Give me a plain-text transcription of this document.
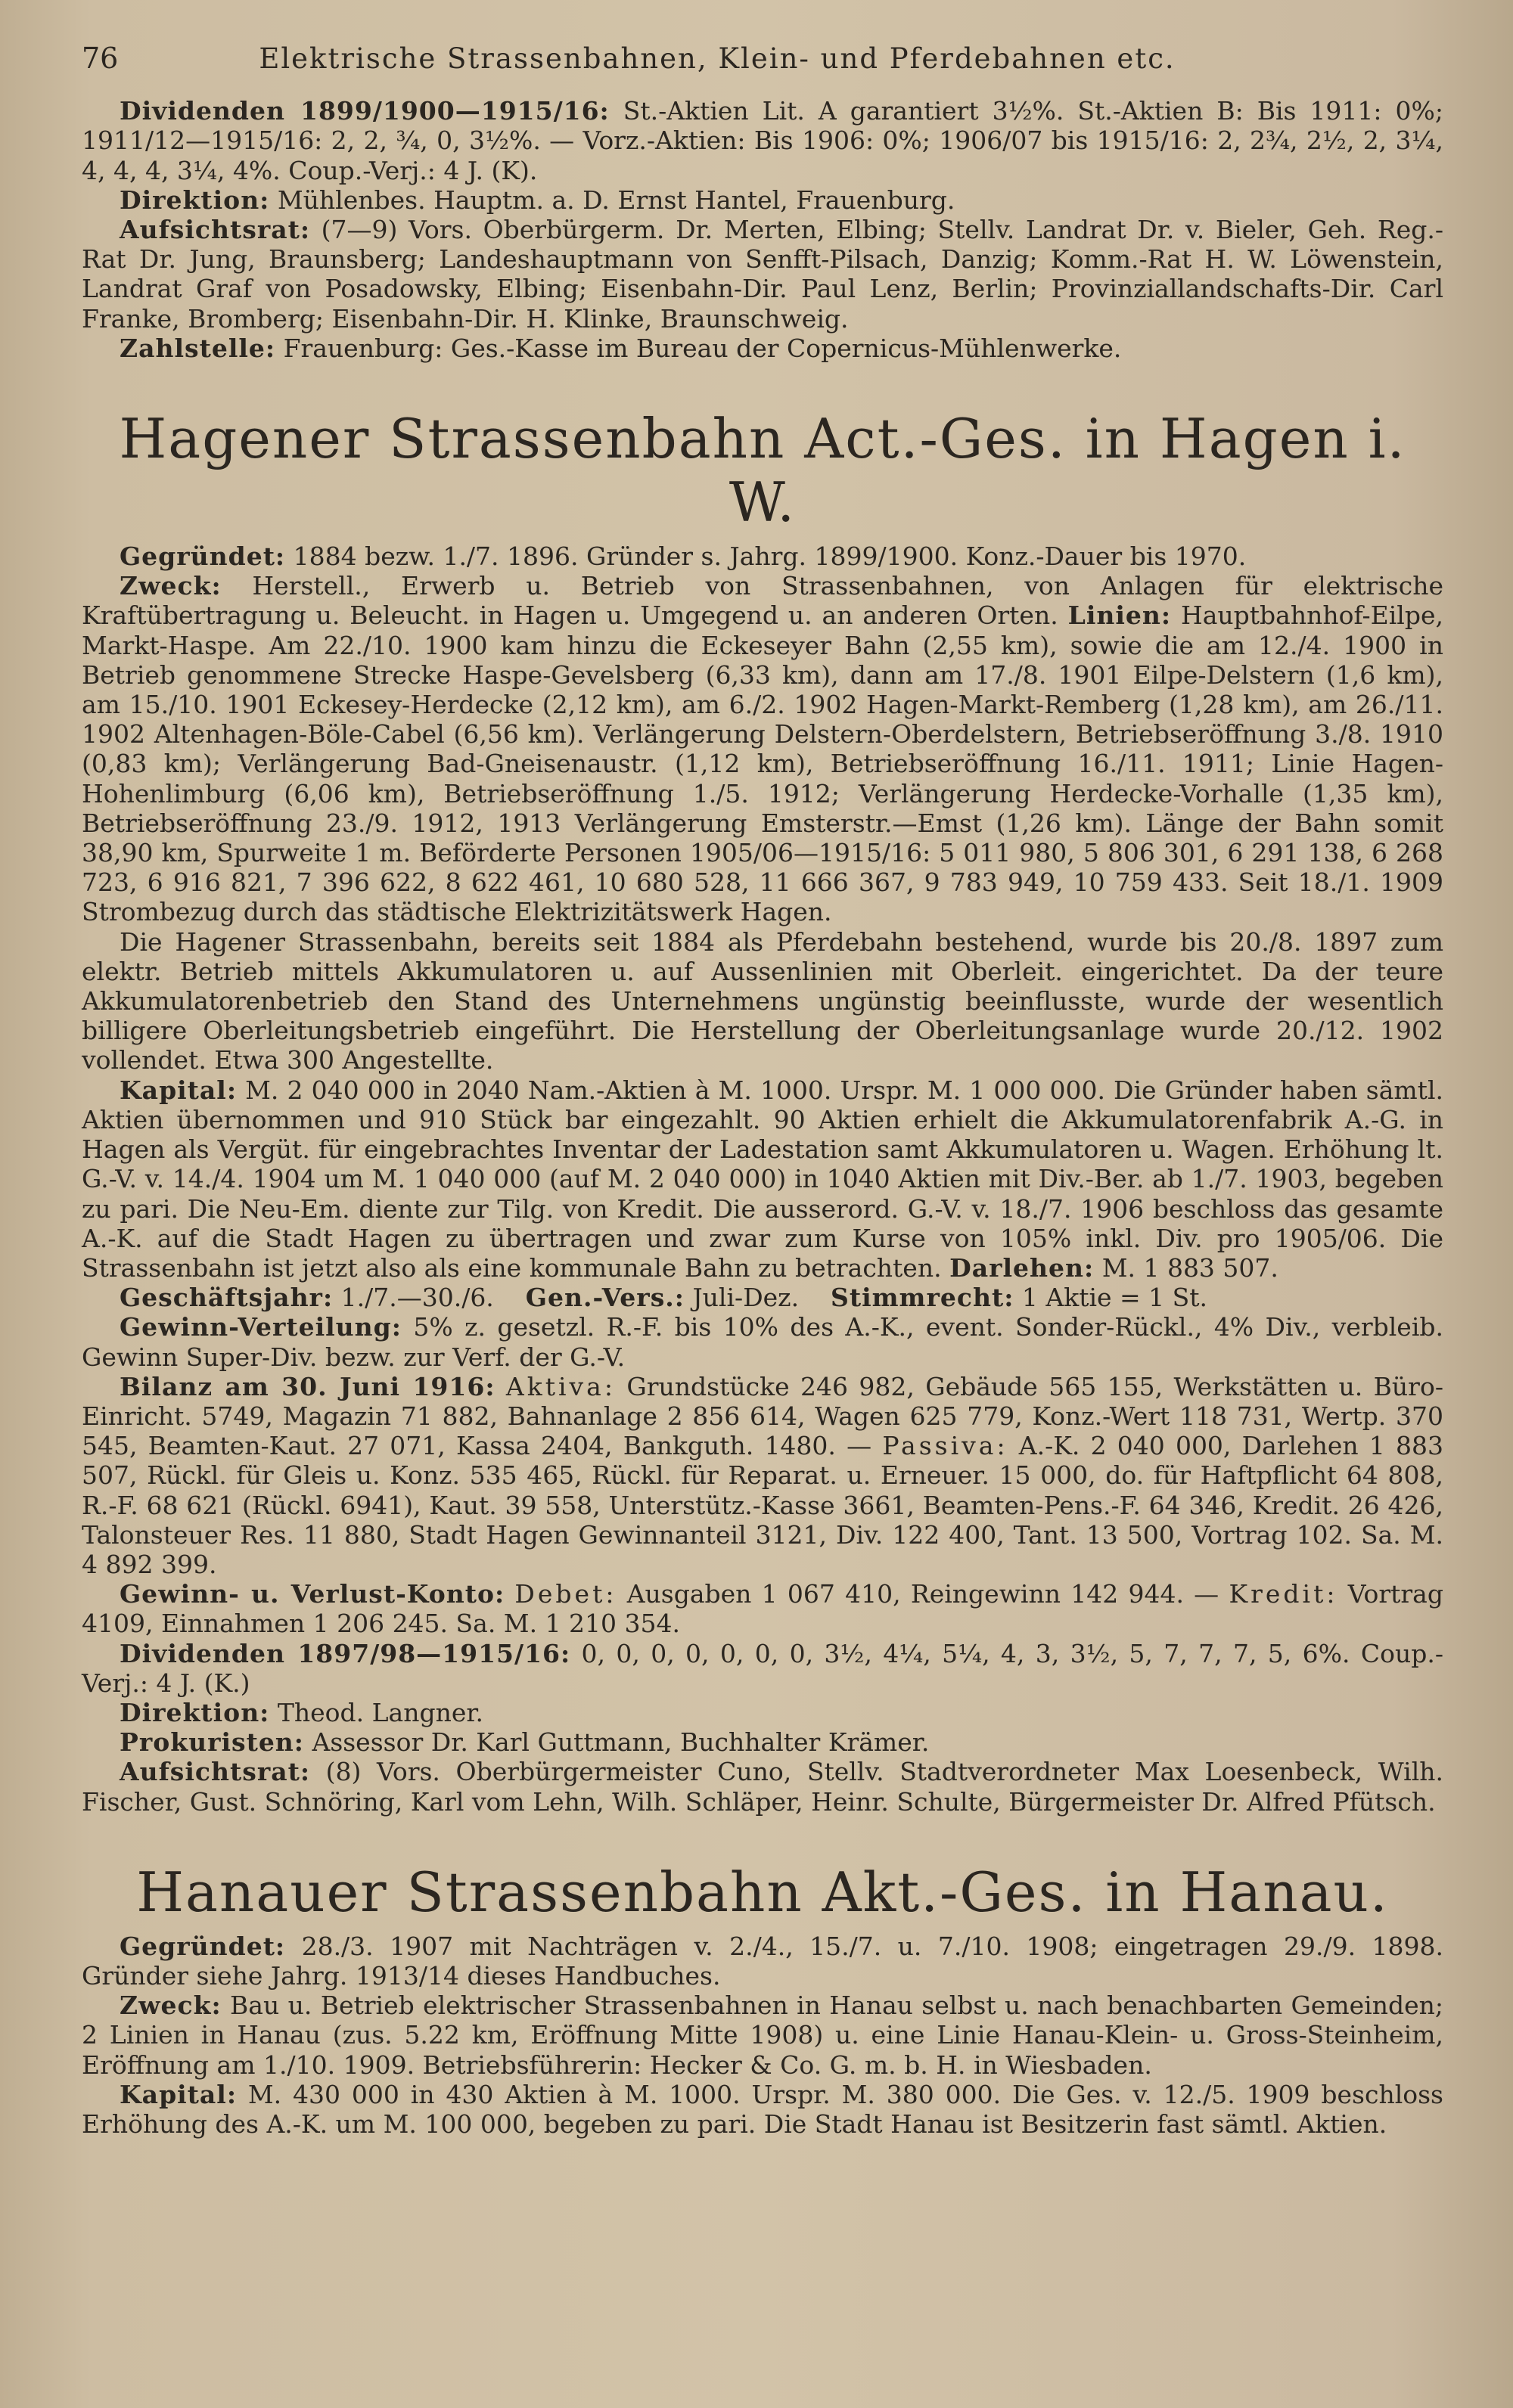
76	Elektrische Strassenbahnen, Klein- und Pferdebahnen etc.

Dividenden 1899/1900—1915/16: St.-Aktien Lit. A garantiert 3½%. St.-Aktien B: Bis 1911: 0%; 1911/12—1915/16: 2, 2, ¾, 0, 3½%. — Vorz.-Aktien: Bis 1906: 0%; 1906/07 bis 1915/16: 2, 2¾, 2½, 2, 3¼, 4, 4, 4, 3¼, 4%. Coup.-Verj.: 4 J. (K).

Direktion: Mühlenbes. Hauptm. a. D. Ernst Hantel, Frauenburg.

Aufsichtsrat: (7—9) Vors. Oberbürgerm. Dr. Merten, Elbing; Stellv. Landrat Dr. v. Bieler, Geh. Reg.-Rat Dr. Jung, Braunsberg; Landeshauptmann von Senfft-Pilsach, Danzig; Komm.-Rat H. W. Löwenstein, Landrat Graf von Posadowsky, Elbing; Eisenbahn-Dir. Paul Lenz, Berlin; Provinziallandschafts-Dir. Carl Franke, Bromberg; Eisenbahn-Dir. H. Klinke, Braunschweig.

Zahlstelle: Frauenburg: Ges.-Kasse im Bureau der Copernicus-Mühlenwerke.

Hagener Strassenbahn Act.-Ges. in Hagen i. W.

Gegründet: 1884 bezw. 1./7. 1896. Gründer s. Jahrg. 1899/1900. Konz.-Dauer bis 1970.

Zweck: Herstell., Erwerb u. Betrieb von Strassenbahnen, von Anlagen für elektrische Kraftübertragung u. Beleucht. in Hagen u. Umgegend u. an anderen Orten. Linien: Hauptbahnhof-Eilpe, Markt-Haspe. Am 22./10. 1900 kam hinzu die Eckeseyer Bahn (2,55 km), sowie die am 12./4. 1900 in Betrieb genommene Strecke Haspe-Gevelsberg (6,33 km), dann am 17./8. 1901 Eilpe-Delstern (1,6 km), am 15./10. 1901 Eckesey-Herdecke (2,12 km), am 6./2. 1902 Hagen-Markt-Remberg (1,28 km), am 26./11. 1902 Altenhagen-Böle-Cabel (6,56 km). Verlängerung Delstern-Oberdelstern, Betriebseröffnung 3./8. 1910 (0,83 km); Verlängerung Bad-Gneisenaustr. (1,12 km), Betriebseröffnung 16./11. 1911; Linie Hagen-Hohenlimburg (6,06 km), Betriebseröffnung 1./5. 1912; Verlängerung Herdecke-Vorhalle (1,35 km), Betriebseröffnung 23./9. 1912, 1913 Verlängerung Emsterstr.—Emst (1,26 km). Länge der Bahn somit 38,90 km, Spurweite 1 m. Beförderte Personen 1905/06—1915/16: 5 011 980, 5 806 301, 6 291 138, 6 268 723, 6 916 821, 7 396 622, 8 622 461, 10 680 528, 11 666 367, 9 783 949, 10 759 433. Seit 18./1. 1909 Strombezug durch das städtische Elektrizitätswerk Hagen.

Die Hagener Strassenbahn, bereits seit 1884 als Pferdebahn bestehend, wurde bis 20./8. 1897 zum elektr. Betrieb mittels Akkumulatoren u. auf Aussenlinien mit Oberleit. eingerichtet. Da der teure Akkumulatorenbetrieb den Stand des Unternehmens ungünstig beeinflusste, wurde der wesentlich billigere Oberleitungsbetrieb eingeführt. Die Herstellung der Oberleitungsanlage wurde 20./12. 1902 vollendet. Etwa 300 Angestellte.

Kapital: M. 2 040 000 in 2040 Nam.-Aktien à M. 1000. Urspr. M. 1 000 000. Die Gründer haben sämtl. Aktien übernommen und 910 Stück bar eingezahlt. 90 Aktien erhielt die Akkumulatorenfabrik A.-G. in Hagen als Vergüt. für eingebrachtes Inventar der Ladestation samt Akkumulatoren u. Wagen. Erhöhung lt. G.-V. v. 14./4. 1904 um M. 1 040 000 (auf M. 2 040 000) in 1040 Aktien mit Div.-Ber. ab 1./7. 1903, begeben zu pari. Die Neu-Em. diente zur Tilg. von Kredit. Die ausserord. G.-V. v. 18./7. 1906 beschloss das gesamte A.-K. auf die Stadt Hagen zu übertragen und zwar zum Kurse von 105% inkl. Div. pro 1905/06. Die Strassenbahn ist jetzt also als eine kommunale Bahn zu betrachten. Darlehen: M. 1 883 507.

Geschäftsjahr: 1./7.—30./6. Gen.-Vers.: Juli-Dez. Stimmrecht: 1 Aktie = 1 St.

Gewinn-Verteilung: 5% z. gesetzl. R.-F. bis 10% des A.-K., event. Sonder-Rückl., 4% Div., verbleib. Gewinn Super-Div. bezw. zur Verf. der G.-V.

Bilanz am 30. Juni 1916: Aktiva: Grundstücke 246 982, Gebäude 565 155, Werkstätten u. Büro-Einricht. 5749, Magazin 71 882, Bahnanlage 2 856 614, Wagen 625 779, Konz.-Wert 118 731, Wertp. 370 545, Beamten-Kaut. 27 071, Kassa 2404, Bankguth. 1480. — Passiva: A.-K. 2 040 000, Darlehen 1 883 507, Rückl. für Gleis u. Konz. 535 465, Rückl. für Reparat. u. Erneuer. 15 000, do. für Haftpflicht 64 808, R.-F. 68 621 (Rückl. 6941), Kaut. 39 558, Unterstütz.-Kasse 3661, Beamten-Pens.-F. 64 346, Kredit. 26 426, Talonsteuer Res. 11 880, Stadt Hagen Gewinnanteil 3121, Div. 122 400, Tant. 13 500, Vortrag 102. Sa. M. 4 892 399.

Gewinn- u. Verlust-Konto: Debet: Ausgaben 1 067 410, Reingewinn 142 944. — Kredit: Vortrag 4109, Einnahmen 1 206 245. Sa. M. 1 210 354.

Dividenden 1897/98—1915/16: 0, 0, 0, 0, 0, 0, 0, 3½, 4¼, 5¼, 4, 3, 3½, 5, 7, 7, 7, 5, 6%. Coup.-Verj.: 4 J. (K.)

Direktion: Theod. Langner.

Prokuristen: Assessor Dr. Karl Guttmann, Buchhalter Krämer.

Aufsichtsrat: (8) Vors. Oberbürgermeister Cuno, Stellv. Stadtverordneter Max Loesenbeck, Wilh. Fischer, Gust. Schnöring, Karl vom Lehn, Wilh. Schläper, Heinr. Schulte, Bürgermeister Dr. Alfred Pfütsch.

Hanauer Strassenbahn Akt.-Ges. in Hanau.

Gegründet: 28./3. 1907 mit Nachträgen v. 2./4., 15./7. u. 7./10. 1908; eingetragen 29./9. 1898. Gründer siehe Jahrg. 1913/14 dieses Handbuches.

Zweck: Bau u. Betrieb elektrischer Strassenbahnen in Hanau selbst u. nach benachbarten Gemeinden; 2 Linien in Hanau (zus. 5.22 km, Eröffnung Mitte 1908) u. eine Linie Hanau-Klein- u. Gross-Steinheim, Eröffnung am 1./10. 1909. Betriebsführerin: Hecker & Co. G. m. b. H. in Wiesbaden.

Kapital: M. 430 000 in 430 Aktien à M. 1000. Urspr. M. 380 000. Die Ges. v. 12./5. 1909 beschloss Erhöhung des A.-K. um M. 100 000, begeben zu pari. Die Stadt Hanau ist Besitzerin fast sämtl. Aktien.
